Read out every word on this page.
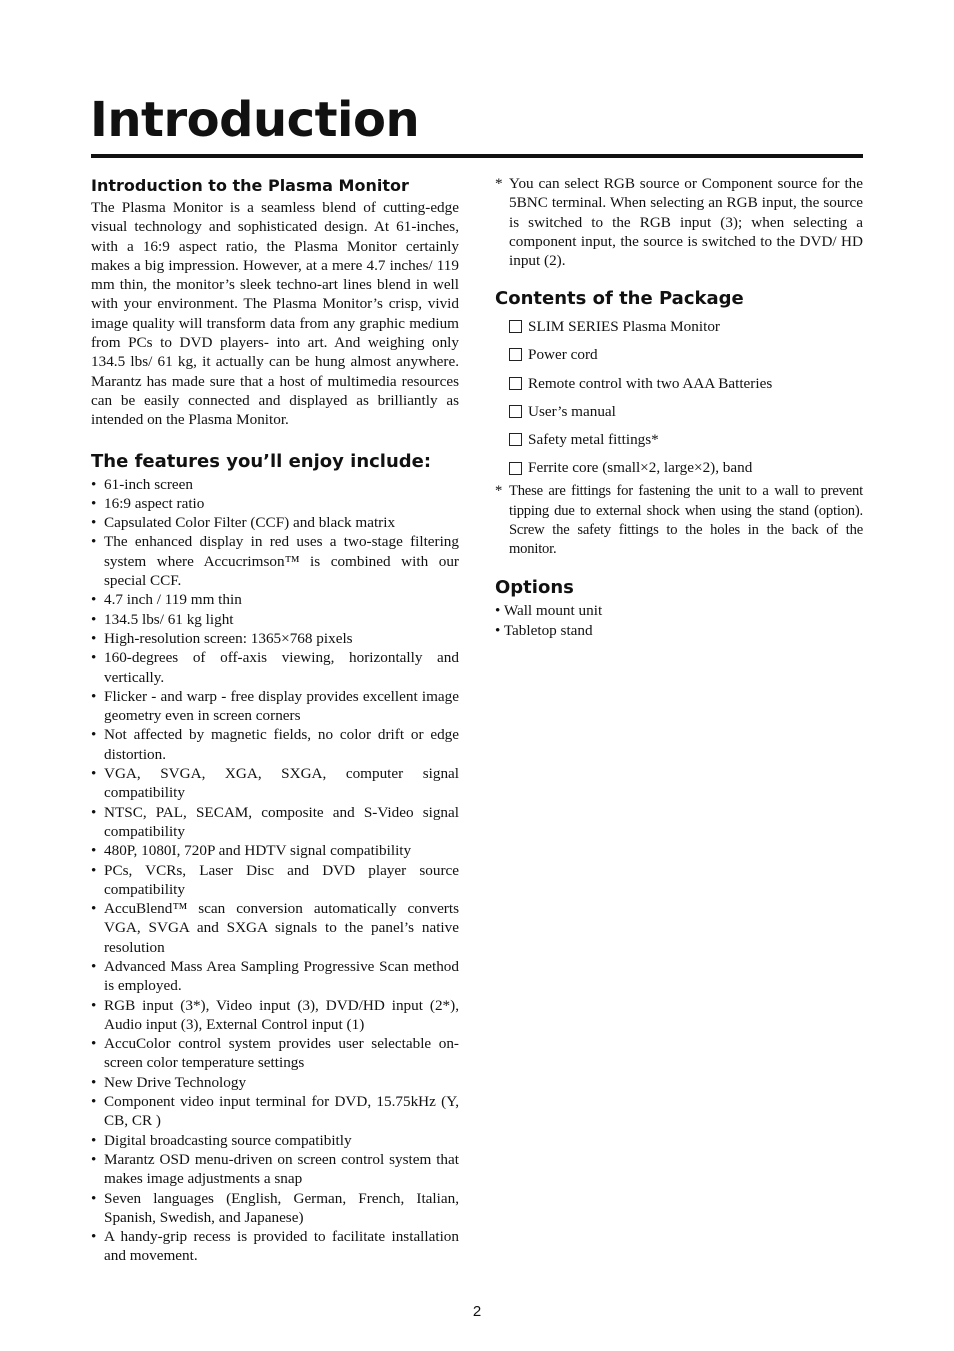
Introduction
Introduction to the Plasma Monitor

The Plasma Monitor is a seamless blend of cutting-edge visual technology and sophisticated design. At 61-inches, with a 16:9 aspect ratio, the Plasma Monitor certainly makes a big impression. However, at a mere 4.7 inches/ 119 mm thin, the monitor’s sleek techno-art lines blend in well with your environment. The Plasma Monitor’s crisp, vivid image quality will transform data from any graphic medium from PCs to DVD players- into art. And weighing only 134.5 lbs/ 61 kg, it actually can be hung almost anywhere. Marantz has made sure that a host of multimedia resources can be easily connected and displayed as brilliantly as intended on the Plasma Monitor.

The features you’ll enjoy include:
• 61-inch screen
• 16:9 aspect ratio
• Capsulated Color Filter (CCF) and black matrix
• The enhanced display in red uses a two-stage filtering system where Accucrimson™ is combined with our special CCF.
• 4.7 inch / 119 mm thin
• 134.5 lbs/ 61 kg light
• High-resolution screen: 1365×768 pixels
• 160-degrees of off-axis viewing, horizontally and vertically.
• Flicker - and warp - free display provides excellent image geometry even in screen corners
• Not affected by magnetic fields, no color drift or edge distortion.
• VGA, SVGA, XGA, SXGA, computer signal compatibility
• NTSC, PAL, SECAM, composite and S-Video signal compatibility
• 480P, 1080I, 720P and HDTV signal compatibility
• PCs, VCRs, Laser Disc and DVD player source compatibility
• AccuBlend™ scan conversion automatically converts VGA, SVGA and SXGA signals to the panel’s native resolution
• Advanced Mass Area Sampling Progressive Scan method is employed.
• RGB input (3*), Video input (3), DVD/HD input (2*), Audio input (3), External Control input (1)
• AccuColor control system provides user selectable on-screen color temperature settings
• New Drive Technology
• Component video input terminal for DVD, 15.75kHz (Y, CB, CR )
• Digital broadcasting source compatibitly
• Marantz OSD menu-driven on screen control system that makes image adjustments a snap
• Seven languages (English, German, French, Italian, Spanish, Swedish, and Japanese)
• A handy-grip recess is provided to facilitate installation and movement.
* You can select RGB source or Component source for the 5BNC terminal. When selecting an RGB input, the source is switched to the RGB input (3); when selecting a component input, the source is switched to the DVD/ HD input (2).
Contents of the Package
SLIM SERIES Plasma Monitor
Power cord
Remote control with two AAA Batteries
User’s manual
Safety metal fittings*
Ferrite core (small×2, large×2), band
* These are fittings for fastening the unit to a wall to prevent tipping due to external shock when using the stand (option). Screw the safety fittings to the holes in the back of the monitor.
Options
• Wall mount unit
• Tabletop stand
2
